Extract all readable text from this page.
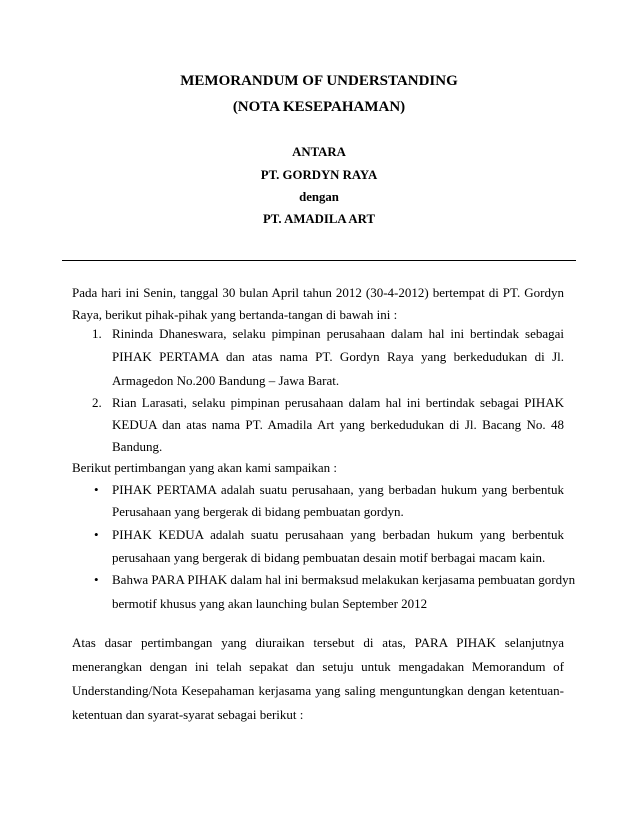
MEMORANDUM OF UNDERSTANDING
(NOTA KESEPAHAMAN)
ANTARA
PT. GORDYN RAYA
dengan
PT. AMADILA ART
Pada hari ini Senin, tanggal 30 bulan April tahun 2012 (30-4-2012) bertempat di PT. Gordyn
Raya, berikut pihak-pihak yang bertanda-tangan di bawah ini :
1. Rininda Dhaneswara, selaku pimpinan perusahaan dalam hal ini bertindak sebagai
PIHAK PERTAMA dan atas nama PT. Gordyn Raya yang berkedudukan di Jl.
Armagedon No.200 Bandung – Jawa Barat.
2. Rian Larasati, selaku pimpinan perusahaan dalam hal ini bertindak sebagai PIHAK
KEDUA dan atas nama PT. Amadila Art yang berkedudukan di Jl. Bacang No. 48
Bandung.
Berikut pertimbangan yang akan kami sampaikan :
• PIHAK PERTAMA adalah suatu perusahaan, yang berbadan hukum yang berbentuk
Perusahaan yang bergerak di bidang pembuatan gordyn.
• PIHAK KEDUA adalah suatu perusahaan yang berbadan hukum yang berbentuk
perusahaan yang bergerak di bidang pembuatan desain motif berbagai macam kain.
• Bahwa PARA PIHAK dalam hal ini bermaksud melakukan kerjasama pembuatan gordyn
bermotif khusus yang akan launching bulan September 2012
Atas dasar pertimbangan yang diuraikan tersebut di atas, PARA PIHAK selanjutnya
menerangkan dengan ini telah sepakat dan setuju untuk mengadakan Memorandum of
Understanding/Nota Kesepahaman kerjasama yang saling menguntungkan dengan ketentuan-
ketentuan dan syarat-syarat sebagai berikut :
